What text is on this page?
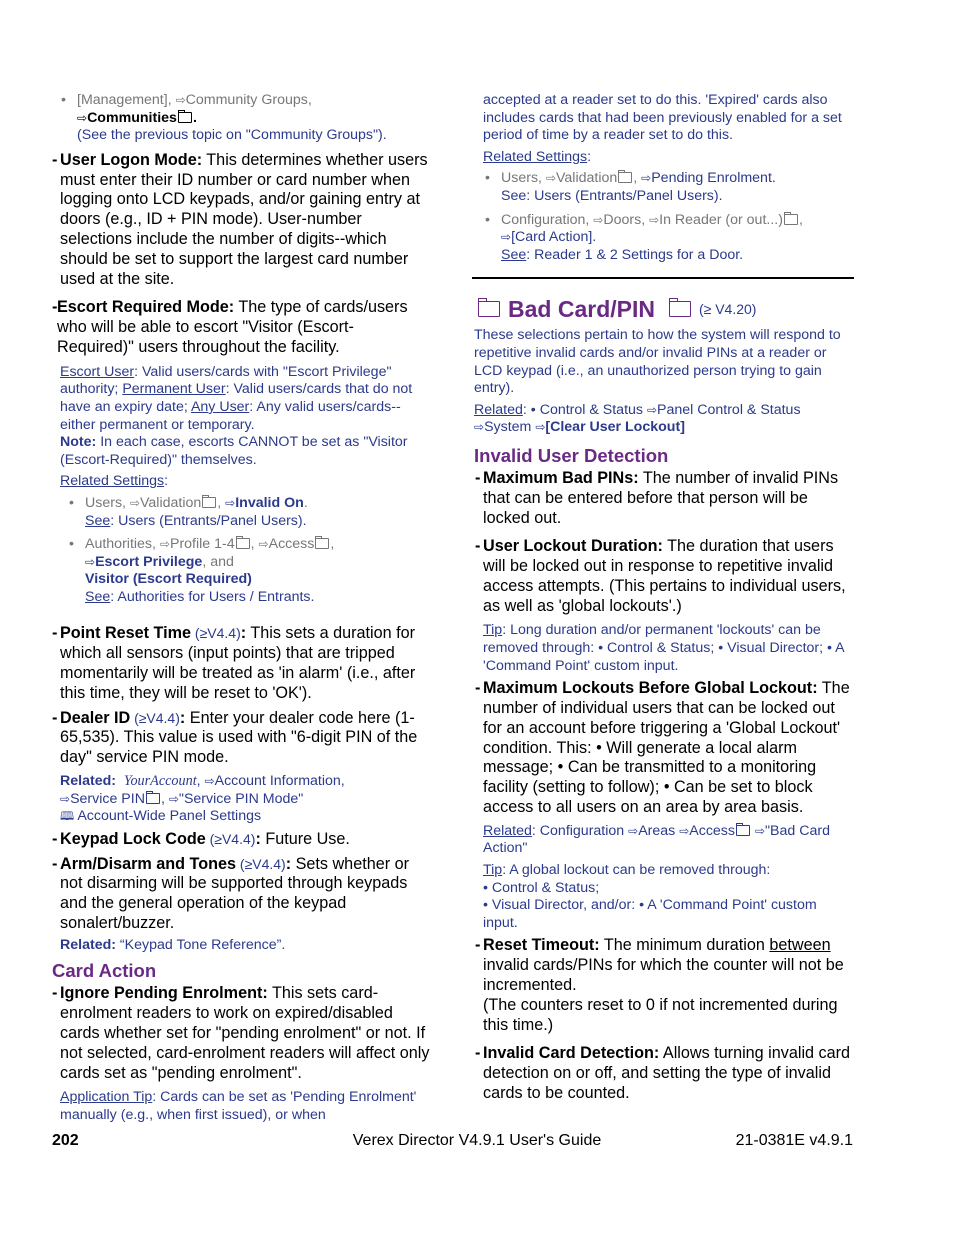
• [Management], ⇨Community Groups,
⇨Communities .
(See the previous topic on "Community Groups").
- User Logon Mode: This determines whether users must enter their ID number or card number when logging onto LCD keypads, and/or gaining entry at doors (e.g., ID + PIN mode). User-number selections include the number of digits--which should be set to support the largest card number used at the site.
- Escort Required Mode: The type of cards/users who will be able to escort "Visitor (Escort-Required)" users throughout the facility.
Escort User: Valid users/cards with "Escort Privilege" authority; Permanent User: Valid users/cards that do not have an expiry date; Any User: Any valid users/cards--either permanent or temporary.
Note: In each case, escorts CANNOT be set as "Visitor (Escort-Required)" themselves.
Related Settings:
• Users, ⇨Validation , ⇨Invalid On.
See: Users (Entrants/Panel Users).
• Authorities, ⇨Profile 1-4 , ⇨Access ,
⇨Escort Privilege, and
Visitor (Escort Required)
See: Authorities for Users / Entrants.
- Point Reset Time (≥V4.4): This sets a duration for which all sensors (input points) that are tripped momentarily will be treated as 'in alarm' (i.e., after this time, they will be reset to 'OK').
- Dealer ID (≥V4.4): Enter your dealer code here (1-65,535). This value is used with "6-digit PIN of the day" service PIN mode.
Related: YourAccount, ⇨Account Information,
⇨Service PIN , ⇨"Service PIN Mode"
🕮 Account-Wide Panel Settings
- Keypad Lock Code (≥V4.4): Future Use.
- Arm/Disarm and Tones (≥V4.4): Sets whether or not disarming will be supported through keypads and the general operation of the keypad sonalert/buzzer.
Related: “Keypad Tone Reference”.
Card Action
- Ignore Pending Enrolment: This sets card-enrolment readers to work on expired/disabled cards whether set for "pending enrolment" or not. If not selected, card-enrolment readers will affect only cards set as "pending enrolment".
Application Tip: Cards can be set as 'Pending Enrolment' manually (e.g., when first issued), or when
accepted at a reader set to do this. 'Expired' cards also includes cards that had been previously enabled for a set period of time by a reader set to do this.
Related Settings:
• Users, ⇨Validation , ⇨Pending Enrolment.
See: Users (Entrants/Panel Users).
• Configuration, ⇨Doors, ⇨In Reader (or out...) ,
⇨[Card Action].
See: Reader 1 & 2 Settings for a Door.
Bad Card/PIN	(≥ V4.20)
These selections pertain to how the system will respond to repetitive invalid cards and/or invalid PINs at a reader or LCD keypad (i.e., an unauthorized person trying to gain entry).
Related: • Control & Status ⇨Panel Control & Status
⇨System ⇨[Clear User Lockout]
Invalid User Detection
- Maximum Bad PINs: The number of invalid PINs that can be entered before that person will be locked out.
- User Lockout Duration: The duration that users will be locked out in response to repetitive invalid access attempts. (This pertains to individual users, as well as 'global lockouts'.)
Tip: Long duration and/or permanent 'lockouts' can be removed through: • Control & Status; • Visual Director; • A 'Command Point' custom input.
- Maximum Lockouts Before Global Lockout: The number of individual users that can be locked out for an account before triggering a 'Global Lockout' condition. This: • Will generate a local alarm message; • Can be transmitted to a monitoring facility (setting to follow); • Can be set to block access to all users on an area by area basis.
Related: Configuration ⇨Areas ⇨Access ⇨"Bad Card Action"
Tip: A global lockout can be removed through:
• Control & Status;
• Visual Director, and/or: • A 'Command Point' custom input.
- Reset Timeout: The minimum duration between invalid cards/PINs for which the counter will not be incremented.
(The counters reset to 0 if not incremented during this time.)
- Invalid Card Detection: Allows turning invalid card detection on or off, and setting the type of invalid cards to be counted.
202	Verex Director V4.9.1 User's Guide	21-0381E v4.9.1
